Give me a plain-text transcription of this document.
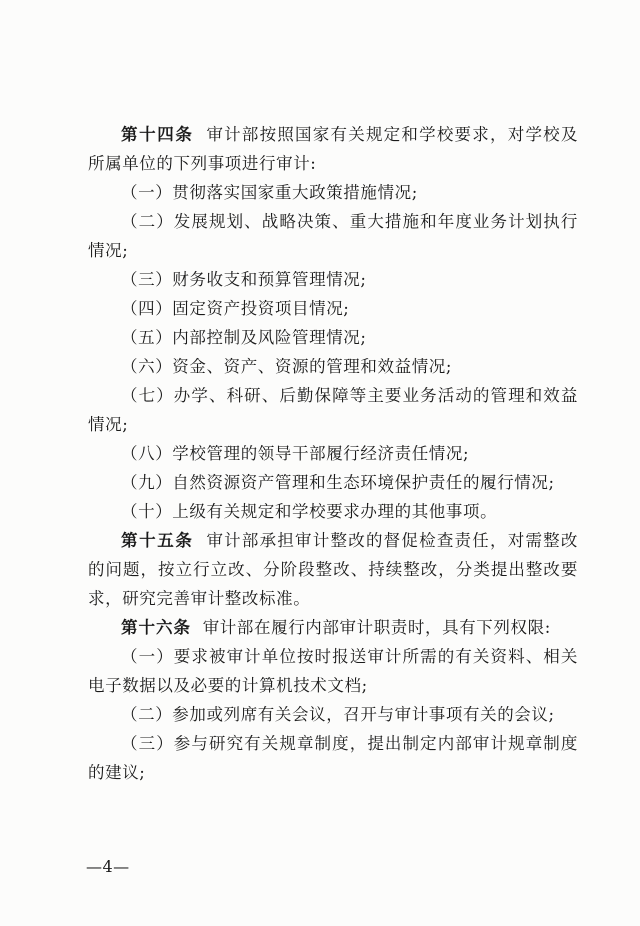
第十四条 审计部按照国家有关规定和学校要求，对学校及所属单位的下列事项进行审计:

（一）贯彻落实国家重大政策措施情况;

（二）发展规划、战略决策、重大措施和年度业务计划执行情况;

（三）财务收支和预算管理情况;

（四）固定资产投资项目情况;

（五）内部控制及风险管理情况;

（六）资金、资产、资源的管理和效益情况;

（七）办学、科研、后勤保障等主要业务活动的管理和效益情况;

（八）学校管理的领导干部履行经济责任情况;

（九）自然资源资产管理和生态环境保护责任的履行情况;

（十）上级有关规定和学校要求办理的其他事项。

第十五条 审计部承担审计整改的督促检查责任，对需整改的问题，按立行立改、分阶段整改、持续整改，分类提出整改要求，研究完善审计整改标准。

第十六条 审计部在履行内部审计职责时，具有下列权限:

（一）要求被审计单位按时报送审计所需的有关资料、相关电子数据以及必要的计算机技术文档;

（二）参加或列席有关会议，召开与审计事项有关的会议;

（三）参与研究有关规章制度，提出制定内部审计规章制度的建议;

—4—
